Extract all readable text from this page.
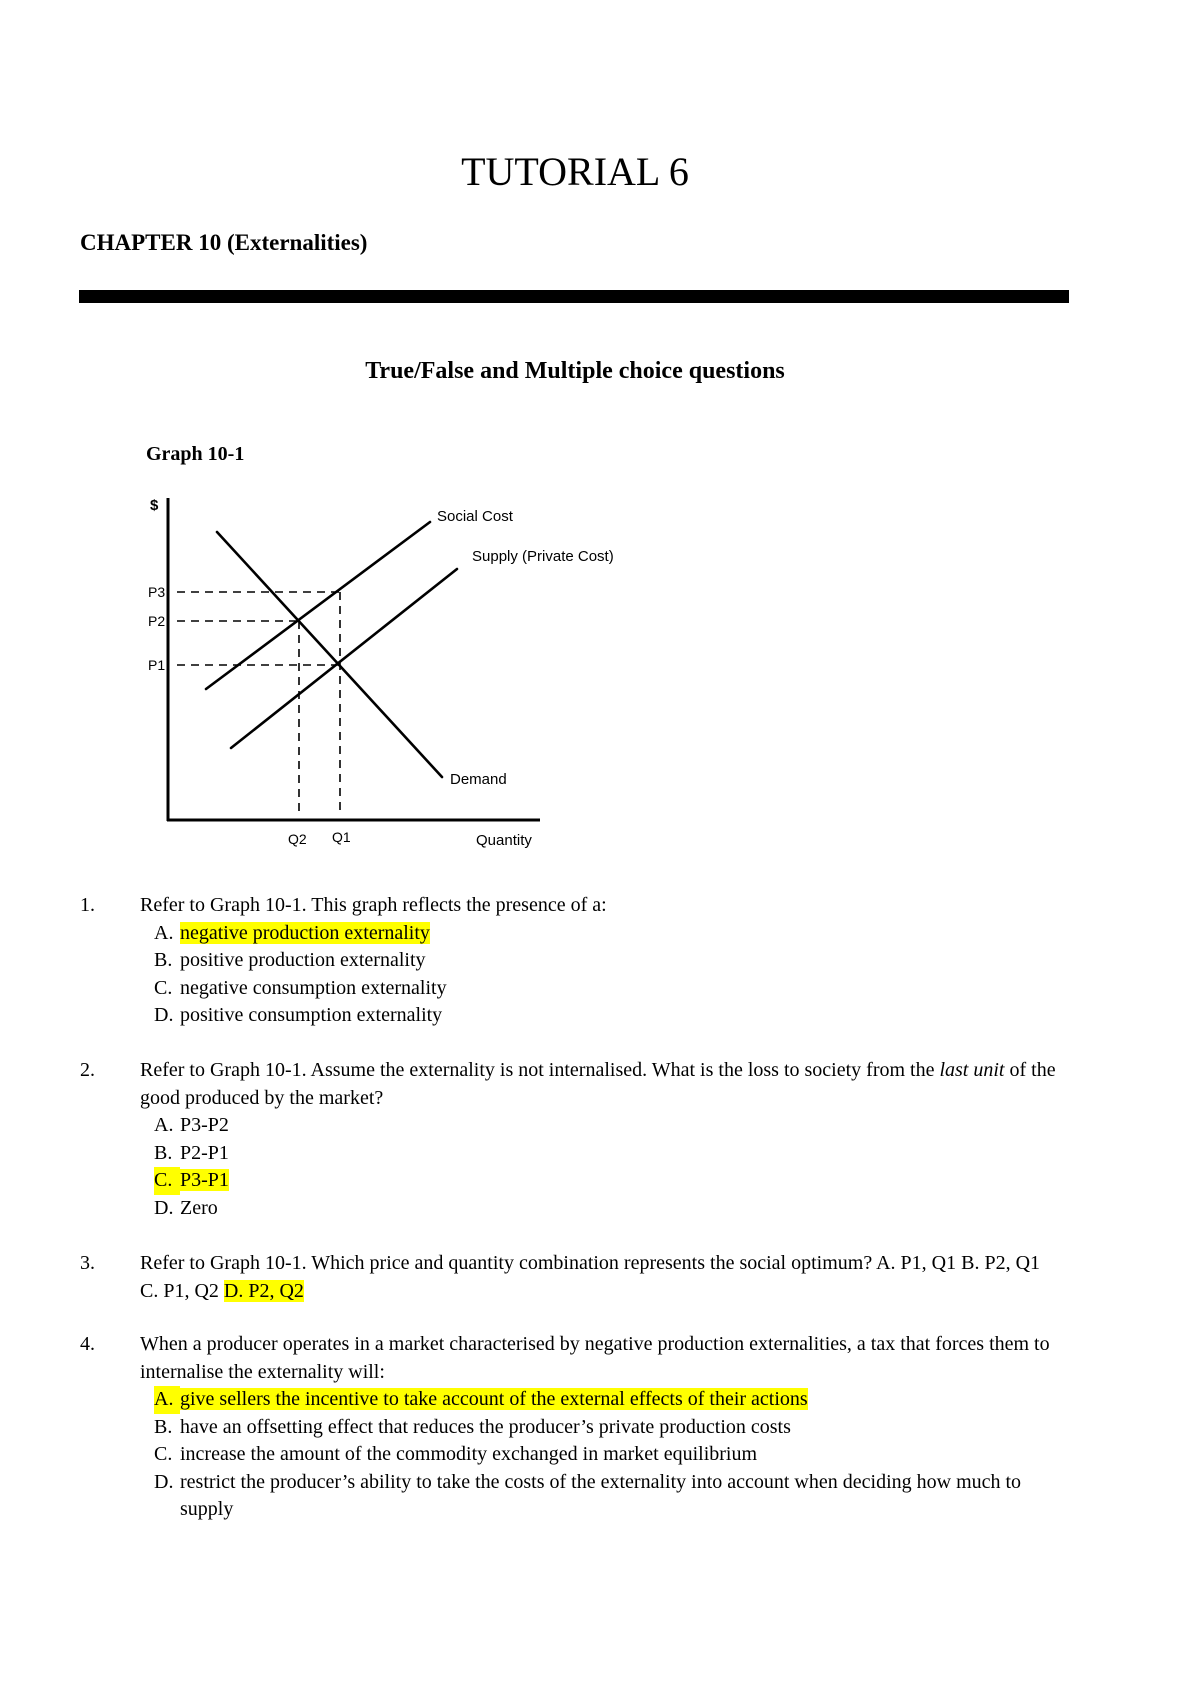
TUTORIAL 6
CHAPTER 10 (Externalities)
True/False and Multiple choice questions
Graph 10-1
$
Quantity
P3
P2
P1
Q2 Q1
Social Cost
Supply (Private Cost)
Demand
1. Refer to Graph 10-1. This graph reflects the presence of a:
A. negative production externality
B. positive production externality
C. negative consumption externality
D. positive consumption externality
2. Refer to Graph 10-1. Assume the externality is not internalised. What is the loss to society from the last unit of the good produced by the market?
A. P3-P2
B. P2-P1
C. P3-P1
D. Zero
3. Refer to Graph 10-1. Which price and quantity combination represents the social optimum? A. P1, Q1 B. P2, Q1 C. P1, Q2 D. P2, Q2
4. When a producer operates in a market characterised by negative production externalities, a tax that forces them to internalise the externality will:
A. give sellers the incentive to take account of the external effects of their actions
B. have an offsetting effect that reduces the producer’s private production costs
C. increase the amount of the commodity exchanged in market equilibrium
D. restrict the producer’s ability to take the costs of the externality into account when deciding how much to supply
